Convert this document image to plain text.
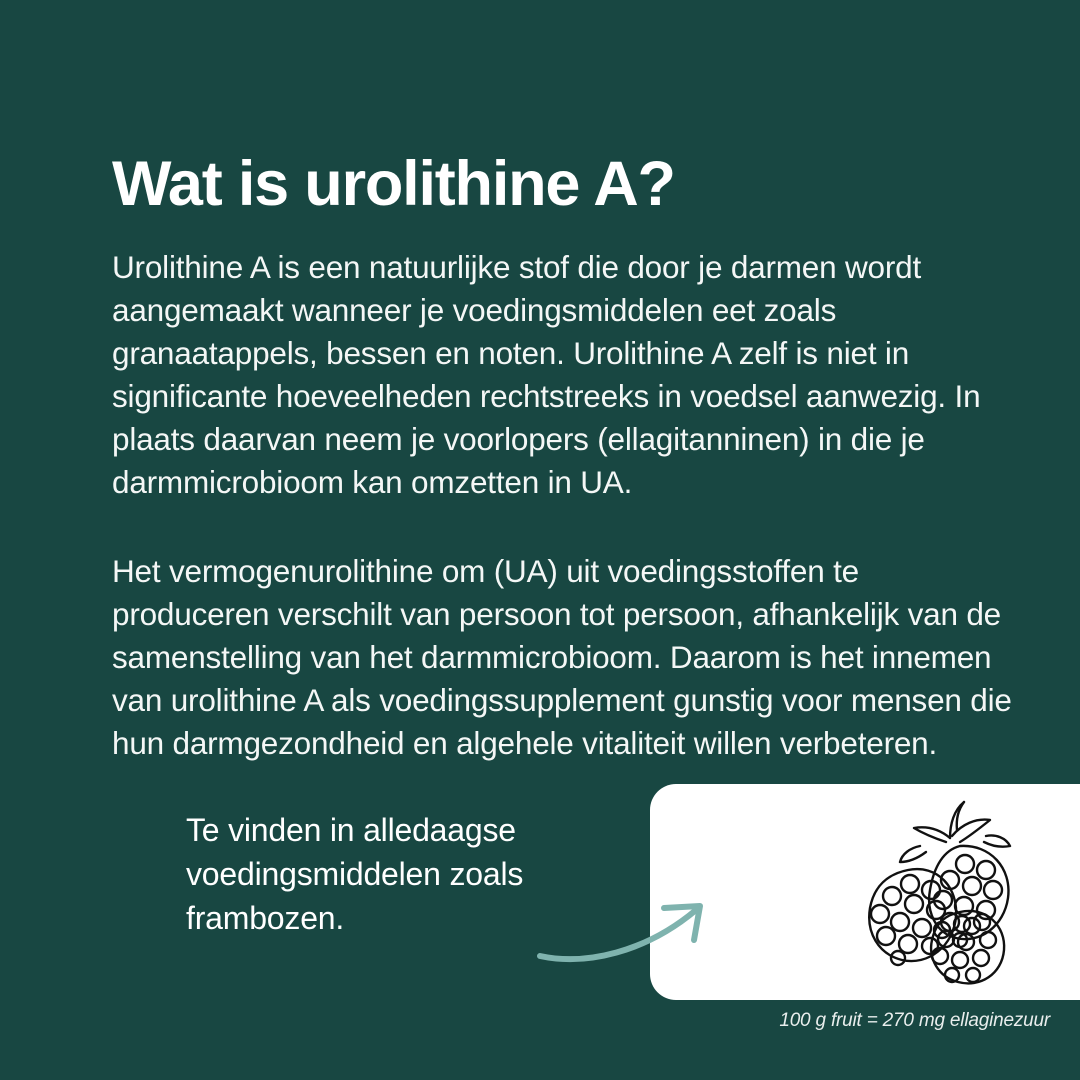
Wat is urolithine A?

Urolithine A is een natuurlijke stof die door je darmen wordt aangemaakt wanneer je voedingsmiddelen eet zoals granaatappels, bessen en noten. Urolithine A zelf is niet in significante hoeveelheden rechtstreeks in voedsel aanwezig. In plaats daarvan neem je voorlopers (ellagitanninen) in die je darmmicrobioom kan omzetten in UA.

Het vermogenurolithine om (UA) uit voedingsstoffen te produceren verschilt van persoon tot persoon, afhankelijk van de samenstelling van het darmmicrobioom. Daarom is het innemen van urolithine A als voedingssupplement gunstig voor mensen die hun darmgezondheid en algehele vitaliteit willen verbeteren.

Te vinden in alledaagse voedingsmiddelen zoals frambozen.
100 g fruit = 270 mg ellaginezuur
